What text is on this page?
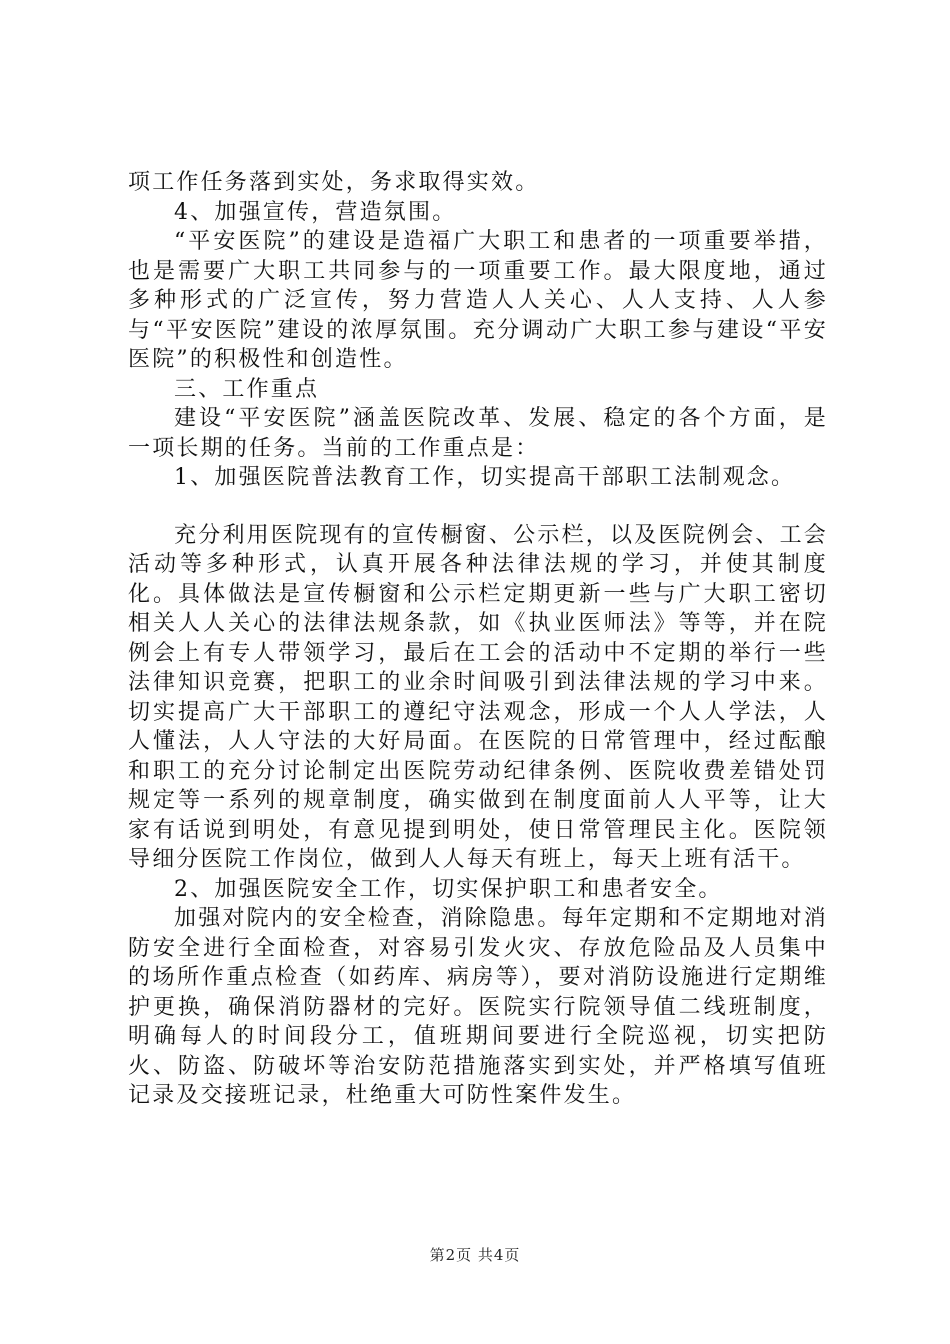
项工作任务落到实处，务求取得实效。

4、加强宣传，营造氛围。

“平安医院”的建设是造福广大职工和患者的一项重要举措，也是需要广大职工共同参与的一项重要工作。最大限度地，通过多种形式的广泛宣传，努力营造人人关心、人人支持、人人参与“平安医院”建设的浓厚氛围。充分调动广大职工参与建设“平安医院”的积极性和创造性。

三、工作重点

建设“平安医院”涵盖医院改革、发展、稳定的各个方面，是一项长期的任务。当前的工作重点是：

1、加强医院普法教育工作，切实提高干部职工法制观念。

充分利用医院现有的宣传橱窗、公示栏，以及医院例会、工会活动等多种形式，认真开展各种法律法规的学习，并使其制度化。具体做法是宣传橱窗和公示栏定期更新一些与广大职工密切相关人人关心的法律法规条款，如《执业医师法》等等，并在院例会上有专人带领学习，最后在工会的活动中不定期的举行一些法律知识竞赛，把职工的业余时间吸引到法律法规的学习中来。切实提高广大干部职工的遵纪守法观念，形成一个人人学法，人人懂法，人人守法的大好局面。在医院的日常管理中，经过酝酿和职工的充分讨论制定出医院劳动纪律条例、医院收费差错处罚规定等一系列的规章制度，确实做到在制度面前人人平等，让大家有话说到明处，有意见提到明处，使日常管理民主化。医院领导细分医院工作岗位，做到人人每天有班上，每天上班有活干。

2、加强医院安全工作，切实保护职工和患者安全。

加强对院内的安全检查，消除隐患。每年定期和不定期地对消防安全进行全面检查，对容易引发火灾、存放危险品及人员集中的场所作重点检查（如药库、病房等），要对消防设施进行定期维护更换，确保消防器材的完好。医院实行院领导值二线班制度，明确每人的时间段分工，值班期间要进行全院巡视，切实把防火、防盗、防破坏等治安防范措施落实到实处，并严格填写值班记录及交接班记录，杜绝重大可防性案件发生。

第2页 共4页
